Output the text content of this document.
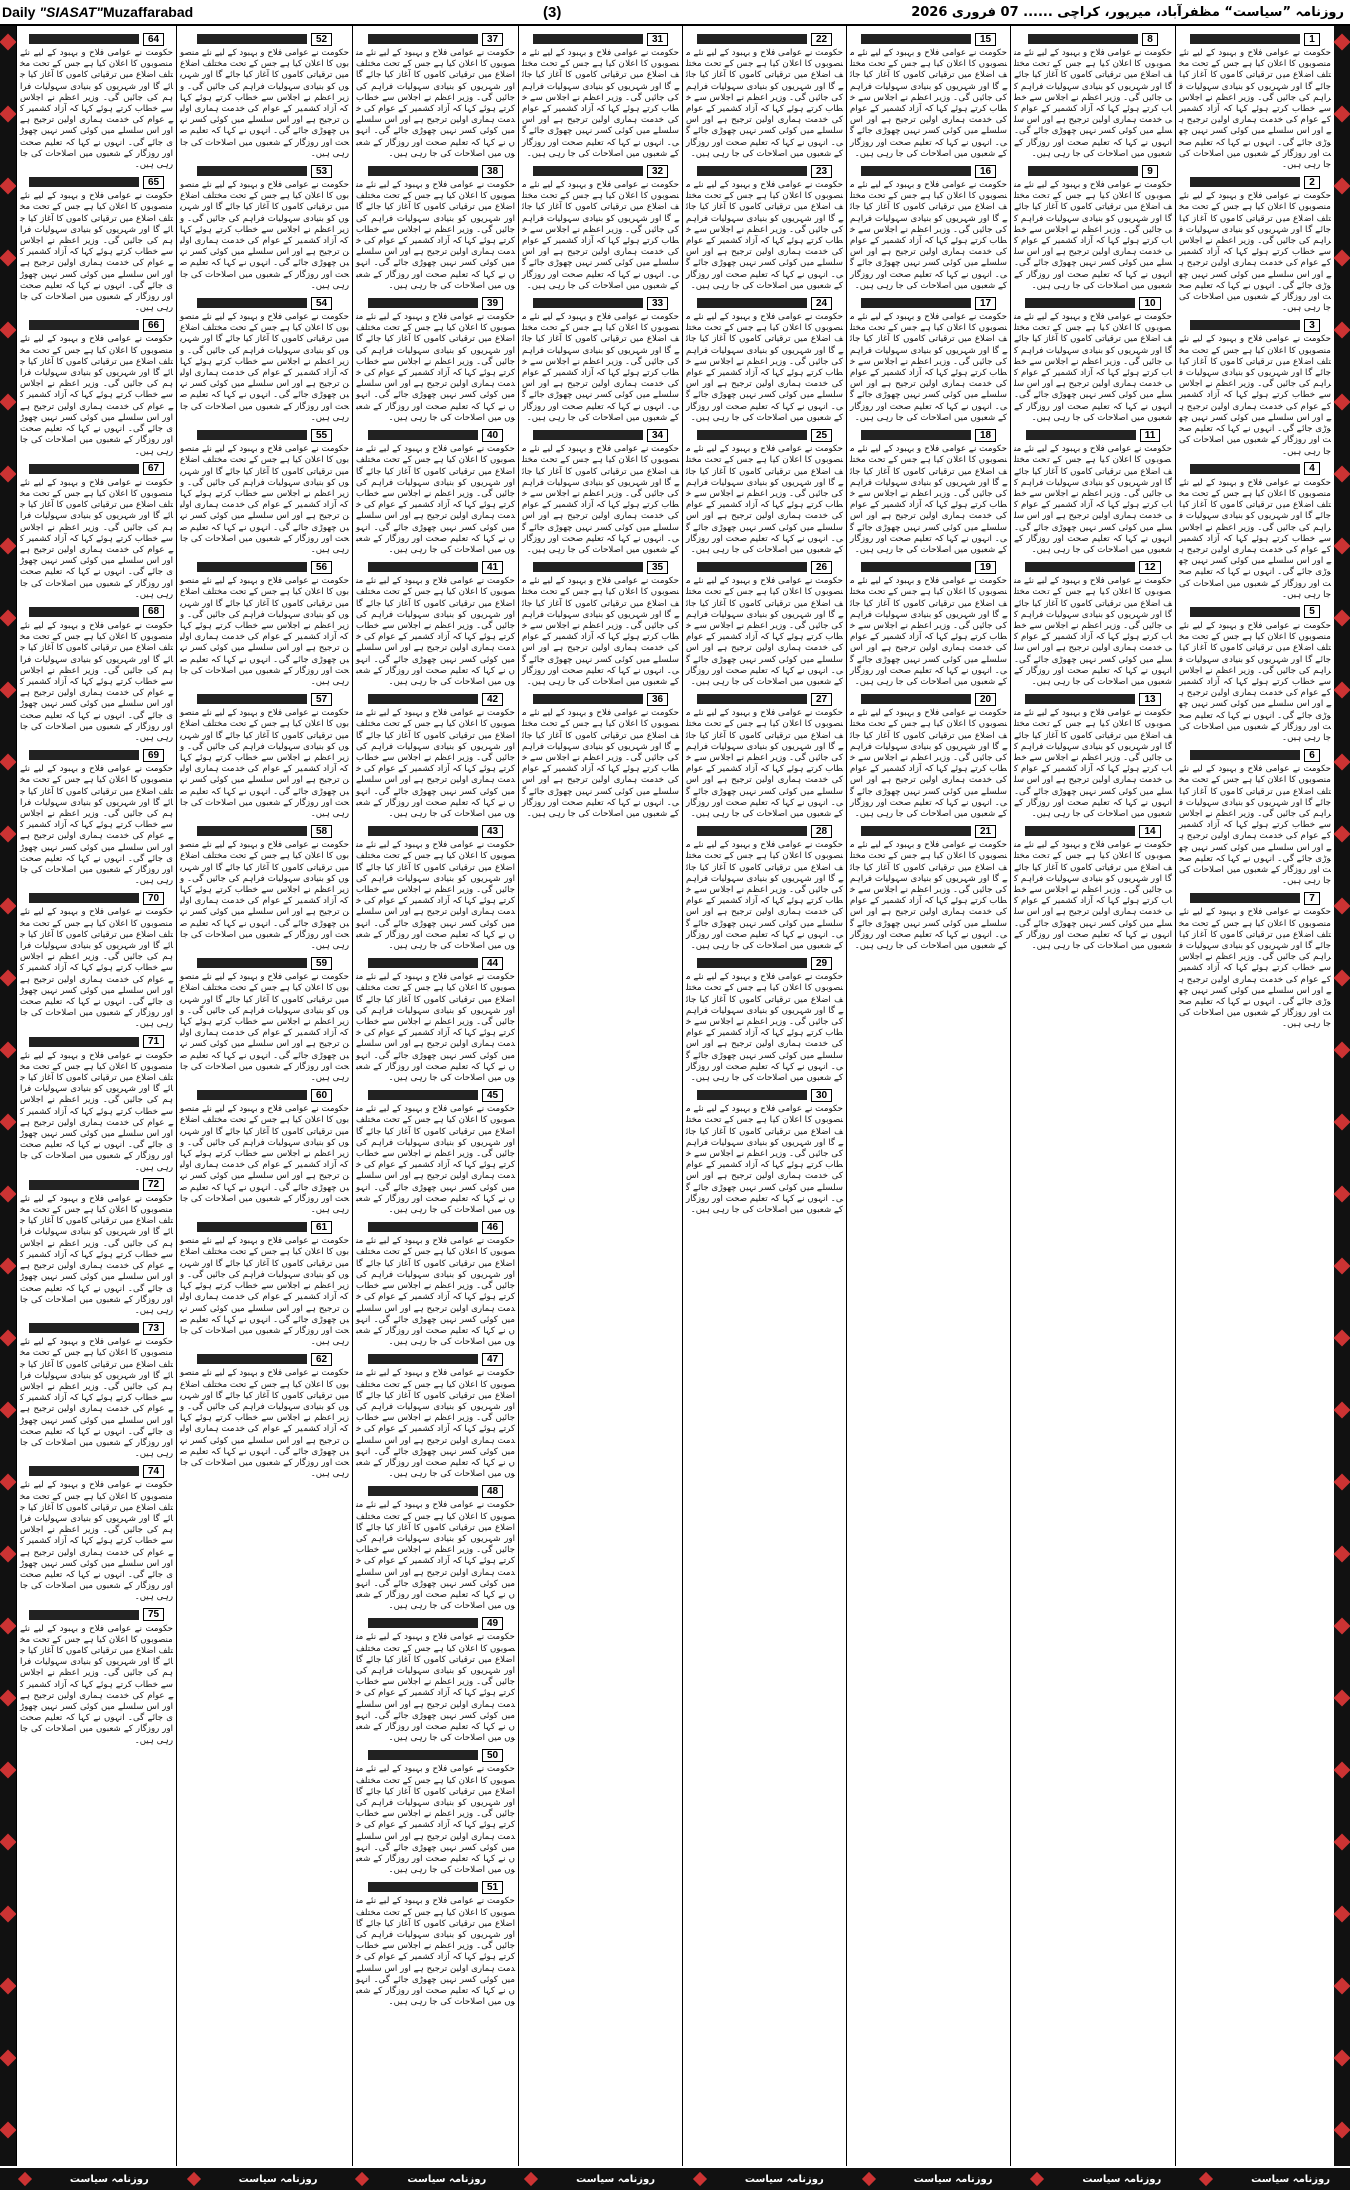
Daily "SIASAT"Muzaffarabad	(3)	روزنامہ ”سیاست“ مظفرآباد، میرپور، کراچی ...... 07 فروری 2026
1
حکومت نے عوامی فلاح و بہبود کے لیے نئے منصوبوں کا اعلان کیا ہے جس کے تحت مختلف اضلاع میں ترقیاتی کاموں کا آغاز کیا جائے گا اور شہریوں کو بنیادی سہولیات فراہم کی جائیں گی۔ وزیر اعظم نے اجلاس سے خطاب کرتے ہوئے کہا کہ آزاد کشمیر کے عوام کی خدمت ہماری اولین ترجیح ہے اور اس سلسلے میں کوئی کسر نہیں چھوڑی جائے گی۔ انہوں نے کہا کہ تعلیم صحت اور روزگار کے شعبوں میں اصلاحات کی جا رہی ہیں۔
2
حکومت نے عوامی فلاح و بہبود کے لیے نئے منصوبوں کا اعلان کیا ہے جس کے تحت مختلف اضلاع میں ترقیاتی کاموں کا آغاز کیا جائے گا اور شہریوں کو بنیادی سہولیات فراہم کی جائیں گی۔ وزیر اعظم نے اجلاس سے خطاب کرتے ہوئے کہا کہ آزاد کشمیر کے عوام کی خدمت ہماری اولین ترجیح ہے اور اس سلسلے میں کوئی کسر نہیں چھوڑی جائے گی۔ انہوں نے کہا کہ تعلیم صحت اور روزگار کے شعبوں میں اصلاحات کی جا رہی ہیں۔
3
حکومت نے عوامی فلاح و بہبود کے لیے نئے منصوبوں کا اعلان کیا ہے جس کے تحت مختلف اضلاع میں ترقیاتی کاموں کا آغاز کیا جائے گا اور شہریوں کو بنیادی سہولیات فراہم کی جائیں گی۔ وزیر اعظم نے اجلاس سے خطاب کرتے ہوئے کہا کہ آزاد کشمیر کے عوام کی خدمت ہماری اولین ترجیح ہے اور اس سلسلے میں کوئی کسر نہیں چھوڑی جائے گی۔ انہوں نے کہا کہ تعلیم صحت اور روزگار کے شعبوں میں اصلاحات کی جا رہی ہیں۔
4
حکومت نے عوامی فلاح و بہبود کے لیے نئے منصوبوں کا اعلان کیا ہے جس کے تحت مختلف اضلاع میں ترقیاتی کاموں کا آغاز کیا جائے گا اور شہریوں کو بنیادی سہولیات فراہم کی جائیں گی۔ وزیر اعظم نے اجلاس سے خطاب کرتے ہوئے کہا کہ آزاد کشمیر کے عوام کی خدمت ہماری اولین ترجیح ہے اور اس سلسلے میں کوئی کسر نہیں چھوڑی جائے گی۔ انہوں نے کہا کہ تعلیم صحت اور روزگار کے شعبوں میں اصلاحات کی جا رہی ہیں۔
5
حکومت نے عوامی فلاح و بہبود کے لیے نئے منصوبوں کا اعلان کیا ہے جس کے تحت مختلف اضلاع میں ترقیاتی کاموں کا آغاز کیا جائے گا اور شہریوں کو بنیادی سہولیات فراہم کی جائیں گی۔ وزیر اعظم نے اجلاس سے خطاب کرتے ہوئے کہا کہ آزاد کشمیر کے عوام کی خدمت ہماری اولین ترجیح ہے اور اس سلسلے میں کوئی کسر نہیں چھوڑی جائے گی۔ انہوں نے کہا کہ تعلیم صحت اور روزگار کے شعبوں میں اصلاحات کی جا رہی ہیں۔
6
حکومت نے عوامی فلاح و بہبود کے لیے نئے منصوبوں کا اعلان کیا ہے جس کے تحت مختلف اضلاع میں ترقیاتی کاموں کا آغاز کیا جائے گا اور شہریوں کو بنیادی سہولیات فراہم کی جائیں گی۔ وزیر اعظم نے اجلاس سے خطاب کرتے ہوئے کہا کہ آزاد کشمیر کے عوام کی خدمت ہماری اولین ترجیح ہے اور اس سلسلے میں کوئی کسر نہیں چھوڑی جائے گی۔ انہوں نے کہا کہ تعلیم صحت اور روزگار کے شعبوں میں اصلاحات کی جا رہی ہیں۔
7
حکومت نے عوامی فلاح و بہبود کے لیے نئے منصوبوں کا اعلان کیا ہے جس کے تحت مختلف اضلاع میں ترقیاتی کاموں کا آغاز کیا جائے گا اور شہریوں کو بنیادی سہولیات فراہم کی جائیں گی۔ وزیر اعظم نے اجلاس سے خطاب کرتے ہوئے کہا کہ آزاد کشمیر کے عوام کی خدمت ہماری اولین ترجیح ہے اور اس سلسلے میں کوئی کسر نہیں چھوڑی جائے گی۔ انہوں نے کہا کہ تعلیم صحت اور روزگار کے شعبوں میں اصلاحات کی جا رہی ہیں۔
8
حکومت نے عوامی فلاح و بہبود کے لیے نئے منصوبوں کا اعلان کیا ہے جس کے تحت مختلف اضلاع میں ترقیاتی کاموں کا آغاز کیا جائے گا اور شہریوں کو بنیادی سہولیات فراہم کی جائیں گی۔ وزیر اعظم نے اجلاس سے خطاب کرتے ہوئے کہا کہ آزاد کشمیر کے عوام کی خدمت ہماری اولین ترجیح ہے اور اس سلسلے میں کوئی کسر نہیں چھوڑی جائے گی۔ انہوں نے کہا کہ تعلیم صحت اور روزگار کے شعبوں میں اصلاحات کی جا رہی ہیں۔
9
حکومت نے عوامی فلاح و بہبود کے لیے نئے منصوبوں کا اعلان کیا ہے جس کے تحت مختلف اضلاع میں ترقیاتی کاموں کا آغاز کیا جائے گا اور شہریوں کو بنیادی سہولیات فراہم کی جائیں گی۔ وزیر اعظم نے اجلاس سے خطاب کرتے ہوئے کہا کہ آزاد کشمیر کے عوام کی خدمت ہماری اولین ترجیح ہے اور اس سلسلے میں کوئی کسر نہیں چھوڑی جائے گی۔ انہوں نے کہا کہ تعلیم صحت اور روزگار کے شعبوں میں اصلاحات کی جا رہی ہیں۔
10
حکومت نے عوامی فلاح و بہبود کے لیے نئے منصوبوں کا اعلان کیا ہے جس کے تحت مختلف اضلاع میں ترقیاتی کاموں کا آغاز کیا جائے گا اور شہریوں کو بنیادی سہولیات فراہم کی جائیں گی۔ وزیر اعظم نے اجلاس سے خطاب کرتے ہوئے کہا کہ آزاد کشمیر کے عوام کی خدمت ہماری اولین ترجیح ہے اور اس سلسلے میں کوئی کسر نہیں چھوڑی جائے گی۔ انہوں نے کہا کہ تعلیم صحت اور روزگار کے شعبوں میں اصلاحات کی جا رہی ہیں۔
11
حکومت نے عوامی فلاح و بہبود کے لیے نئے منصوبوں کا اعلان کیا ہے جس کے تحت مختلف اضلاع میں ترقیاتی کاموں کا آغاز کیا جائے گا اور شہریوں کو بنیادی سہولیات فراہم کی جائیں گی۔ وزیر اعظم نے اجلاس سے خطاب کرتے ہوئے کہا کہ آزاد کشمیر کے عوام کی خدمت ہماری اولین ترجیح ہے اور اس سلسلے میں کوئی کسر نہیں چھوڑی جائے گی۔ انہوں نے کہا کہ تعلیم صحت اور روزگار کے شعبوں میں اصلاحات کی جا رہی ہیں۔
12
حکومت نے عوامی فلاح و بہبود کے لیے نئے منصوبوں کا اعلان کیا ہے جس کے تحت مختلف اضلاع میں ترقیاتی کاموں کا آغاز کیا جائے گا اور شہریوں کو بنیادی سہولیات فراہم کی جائیں گی۔ وزیر اعظم نے اجلاس سے خطاب کرتے ہوئے کہا کہ آزاد کشمیر کے عوام کی خدمت ہماری اولین ترجیح ہے اور اس سلسلے میں کوئی کسر نہیں چھوڑی جائے گی۔ انہوں نے کہا کہ تعلیم صحت اور روزگار کے شعبوں میں اصلاحات کی جا رہی ہیں۔
13
حکومت نے عوامی فلاح و بہبود کے لیے نئے منصوبوں کا اعلان کیا ہے جس کے تحت مختلف اضلاع میں ترقیاتی کاموں کا آغاز کیا جائے گا اور شہریوں کو بنیادی سہولیات فراہم کی جائیں گی۔ وزیر اعظم نے اجلاس سے خطاب کرتے ہوئے کہا کہ آزاد کشمیر کے عوام کی خدمت ہماری اولین ترجیح ہے اور اس سلسلے میں کوئی کسر نہیں چھوڑی جائے گی۔ انہوں نے کہا کہ تعلیم صحت اور روزگار کے شعبوں میں اصلاحات کی جا رہی ہیں۔
14
حکومت نے عوامی فلاح و بہبود کے لیے نئے منصوبوں کا اعلان کیا ہے جس کے تحت مختلف اضلاع میں ترقیاتی کاموں کا آغاز کیا جائے گا اور شہریوں کو بنیادی سہولیات فراہم کی جائیں گی۔ وزیر اعظم نے اجلاس سے خطاب کرتے ہوئے کہا کہ آزاد کشمیر کے عوام کی خدمت ہماری اولین ترجیح ہے اور اس سلسلے میں کوئی کسر نہیں چھوڑی جائے گی۔ انہوں نے کہا کہ تعلیم صحت اور روزگار کے شعبوں میں اصلاحات کی جا رہی ہیں۔
15
حکومت نے عوامی فلاح و بہبود کے لیے نئے منصوبوں کا اعلان کیا ہے جس کے تحت مختلف اضلاع میں ترقیاتی کاموں کا آغاز کیا جائے گا اور شہریوں کو بنیادی سہولیات فراہم کی جائیں گی۔ وزیر اعظم نے اجلاس سے خطاب کرتے ہوئے کہا کہ آزاد کشمیر کے عوام کی خدمت ہماری اولین ترجیح ہے اور اس سلسلے میں کوئی کسر نہیں چھوڑی جائے گی۔ انہوں نے کہا کہ تعلیم صحت اور روزگار کے شعبوں میں اصلاحات کی جا رہی ہیں۔
16
حکومت نے عوامی فلاح و بہبود کے لیے نئے منصوبوں کا اعلان کیا ہے جس کے تحت مختلف اضلاع میں ترقیاتی کاموں کا آغاز کیا جائے گا اور شہریوں کو بنیادی سہولیات فراہم کی جائیں گی۔ وزیر اعظم نے اجلاس سے خطاب کرتے ہوئے کہا کہ آزاد کشمیر کے عوام کی خدمت ہماری اولین ترجیح ہے اور اس سلسلے میں کوئی کسر نہیں چھوڑی جائے گی۔ انہوں نے کہا کہ تعلیم صحت اور روزگار کے شعبوں میں اصلاحات کی جا رہی ہیں۔
17
حکومت نے عوامی فلاح و بہبود کے لیے نئے منصوبوں کا اعلان کیا ہے جس کے تحت مختلف اضلاع میں ترقیاتی کاموں کا آغاز کیا جائے گا اور شہریوں کو بنیادی سہولیات فراہم کی جائیں گی۔ وزیر اعظم نے اجلاس سے خطاب کرتے ہوئے کہا کہ آزاد کشمیر کے عوام کی خدمت ہماری اولین ترجیح ہے اور اس سلسلے میں کوئی کسر نہیں چھوڑی جائے گی۔ انہوں نے کہا کہ تعلیم صحت اور روزگار کے شعبوں میں اصلاحات کی جا رہی ہیں۔
18
حکومت نے عوامی فلاح و بہبود کے لیے نئے منصوبوں کا اعلان کیا ہے جس کے تحت مختلف اضلاع میں ترقیاتی کاموں کا آغاز کیا جائے گا اور شہریوں کو بنیادی سہولیات فراہم کی جائیں گی۔ وزیر اعظم نے اجلاس سے خطاب کرتے ہوئے کہا کہ آزاد کشمیر کے عوام کی خدمت ہماری اولین ترجیح ہے اور اس سلسلے میں کوئی کسر نہیں چھوڑی جائے گی۔ انہوں نے کہا کہ تعلیم صحت اور روزگار کے شعبوں میں اصلاحات کی جا رہی ہیں۔
19
حکومت نے عوامی فلاح و بہبود کے لیے نئے منصوبوں کا اعلان کیا ہے جس کے تحت مختلف اضلاع میں ترقیاتی کاموں کا آغاز کیا جائے گا اور شہریوں کو بنیادی سہولیات فراہم کی جائیں گی۔ وزیر اعظم نے اجلاس سے خطاب کرتے ہوئے کہا کہ آزاد کشمیر کے عوام کی خدمت ہماری اولین ترجیح ہے اور اس سلسلے میں کوئی کسر نہیں چھوڑی جائے گی۔ انہوں نے کہا کہ تعلیم صحت اور روزگار کے شعبوں میں اصلاحات کی جا رہی ہیں۔
20
حکومت نے عوامی فلاح و بہبود کے لیے نئے منصوبوں کا اعلان کیا ہے جس کے تحت مختلف اضلاع میں ترقیاتی کاموں کا آغاز کیا جائے گا اور شہریوں کو بنیادی سہولیات فراہم کی جائیں گی۔ وزیر اعظم نے اجلاس سے خطاب کرتے ہوئے کہا کہ آزاد کشمیر کے عوام کی خدمت ہماری اولین ترجیح ہے اور اس سلسلے میں کوئی کسر نہیں چھوڑی جائے گی۔ انہوں نے کہا کہ تعلیم صحت اور روزگار کے شعبوں میں اصلاحات کی جا رہی ہیں۔
21
حکومت نے عوامی فلاح و بہبود کے لیے نئے منصوبوں کا اعلان کیا ہے جس کے تحت مختلف اضلاع میں ترقیاتی کاموں کا آغاز کیا جائے گا اور شہریوں کو بنیادی سہولیات فراہم کی جائیں گی۔ وزیر اعظم نے اجلاس سے خطاب کرتے ہوئے کہا کہ آزاد کشمیر کے عوام کی خدمت ہماری اولین ترجیح ہے اور اس سلسلے میں کوئی کسر نہیں چھوڑی جائے گی۔ انہوں نے کہا کہ تعلیم صحت اور روزگار کے شعبوں میں اصلاحات کی جا رہی ہیں۔
22
حکومت نے عوامی فلاح و بہبود کے لیے نئے منصوبوں کا اعلان کیا ہے جس کے تحت مختلف اضلاع میں ترقیاتی کاموں کا آغاز کیا جائے گا اور شہریوں کو بنیادی سہولیات فراہم کی جائیں گی۔ وزیر اعظم نے اجلاس سے خطاب کرتے ہوئے کہا کہ آزاد کشمیر کے عوام کی خدمت ہماری اولین ترجیح ہے اور اس سلسلے میں کوئی کسر نہیں چھوڑی جائے گی۔ انہوں نے کہا کہ تعلیم صحت اور روزگار کے شعبوں میں اصلاحات کی جا رہی ہیں۔
23
حکومت نے عوامی فلاح و بہبود کے لیے نئے منصوبوں کا اعلان کیا ہے جس کے تحت مختلف اضلاع میں ترقیاتی کاموں کا آغاز کیا جائے گا اور شہریوں کو بنیادی سہولیات فراہم کی جائیں گی۔ وزیر اعظم نے اجلاس سے خطاب کرتے ہوئے کہا کہ آزاد کشمیر کے عوام کی خدمت ہماری اولین ترجیح ہے اور اس سلسلے میں کوئی کسر نہیں چھوڑی جائے گی۔ انہوں نے کہا کہ تعلیم صحت اور روزگار کے شعبوں میں اصلاحات کی جا رہی ہیں۔
24
حکومت نے عوامی فلاح و بہبود کے لیے نئے منصوبوں کا اعلان کیا ہے جس کے تحت مختلف اضلاع میں ترقیاتی کاموں کا آغاز کیا جائے گا اور شہریوں کو بنیادی سہولیات فراہم کی جائیں گی۔ وزیر اعظم نے اجلاس سے خطاب کرتے ہوئے کہا کہ آزاد کشمیر کے عوام کی خدمت ہماری اولین ترجیح ہے اور اس سلسلے میں کوئی کسر نہیں چھوڑی جائے گی۔ انہوں نے کہا کہ تعلیم صحت اور روزگار کے شعبوں میں اصلاحات کی جا رہی ہیں۔
25
حکومت نے عوامی فلاح و بہبود کے لیے نئے منصوبوں کا اعلان کیا ہے جس کے تحت مختلف اضلاع میں ترقیاتی کاموں کا آغاز کیا جائے گا اور شہریوں کو بنیادی سہولیات فراہم کی جائیں گی۔ وزیر اعظم نے اجلاس سے خطاب کرتے ہوئے کہا کہ آزاد کشمیر کے عوام کی خدمت ہماری اولین ترجیح ہے اور اس سلسلے میں کوئی کسر نہیں چھوڑی جائے گی۔ انہوں نے کہا کہ تعلیم صحت اور روزگار کے شعبوں میں اصلاحات کی جا رہی ہیں۔
26
حکومت نے عوامی فلاح و بہبود کے لیے نئے منصوبوں کا اعلان کیا ہے جس کے تحت مختلف اضلاع میں ترقیاتی کاموں کا آغاز کیا جائے گا اور شہریوں کو بنیادی سہولیات فراہم کی جائیں گی۔ وزیر اعظم نے اجلاس سے خطاب کرتے ہوئے کہا کہ آزاد کشمیر کے عوام کی خدمت ہماری اولین ترجیح ہے اور اس سلسلے میں کوئی کسر نہیں چھوڑی جائے گی۔ انہوں نے کہا کہ تعلیم صحت اور روزگار کے شعبوں میں اصلاحات کی جا رہی ہیں۔
27
حکومت نے عوامی فلاح و بہبود کے لیے نئے منصوبوں کا اعلان کیا ہے جس کے تحت مختلف اضلاع میں ترقیاتی کاموں کا آغاز کیا جائے گا اور شہریوں کو بنیادی سہولیات فراہم کی جائیں گی۔ وزیر اعظم نے اجلاس سے خطاب کرتے ہوئے کہا کہ آزاد کشمیر کے عوام کی خدمت ہماری اولین ترجیح ہے اور اس سلسلے میں کوئی کسر نہیں چھوڑی جائے گی۔ انہوں نے کہا کہ تعلیم صحت اور روزگار کے شعبوں میں اصلاحات کی جا رہی ہیں۔
28
حکومت نے عوامی فلاح و بہبود کے لیے نئے منصوبوں کا اعلان کیا ہے جس کے تحت مختلف اضلاع میں ترقیاتی کاموں کا آغاز کیا جائے گا اور شہریوں کو بنیادی سہولیات فراہم کی جائیں گی۔ وزیر اعظم نے اجلاس سے خطاب کرتے ہوئے کہا کہ آزاد کشمیر کے عوام کی خدمت ہماری اولین ترجیح ہے اور اس سلسلے میں کوئی کسر نہیں چھوڑی جائے گی۔ انہوں نے کہا کہ تعلیم صحت اور روزگار کے شعبوں میں اصلاحات کی جا رہی ہیں۔
29
حکومت نے عوامی فلاح و بہبود کے لیے نئے منصوبوں کا اعلان کیا ہے جس کے تحت مختلف اضلاع میں ترقیاتی کاموں کا آغاز کیا جائے گا اور شہریوں کو بنیادی سہولیات فراہم کی جائیں گی۔ وزیر اعظم نے اجلاس سے خطاب کرتے ہوئے کہا کہ آزاد کشمیر کے عوام کی خدمت ہماری اولین ترجیح ہے اور اس سلسلے میں کوئی کسر نہیں چھوڑی جائے گی۔ انہوں نے کہا کہ تعلیم صحت اور روزگار کے شعبوں میں اصلاحات کی جا رہی ہیں۔
30
حکومت نے عوامی فلاح و بہبود کے لیے نئے منصوبوں کا اعلان کیا ہے جس کے تحت مختلف اضلاع میں ترقیاتی کاموں کا آغاز کیا جائے گا اور شہریوں کو بنیادی سہولیات فراہم کی جائیں گی۔ وزیر اعظم نے اجلاس سے خطاب کرتے ہوئے کہا کہ آزاد کشمیر کے عوام کی خدمت ہماری اولین ترجیح ہے اور اس سلسلے میں کوئی کسر نہیں چھوڑی جائے گی۔ انہوں نے کہا کہ تعلیم صحت اور روزگار کے شعبوں میں اصلاحات کی جا رہی ہیں۔
31
حکومت نے عوامی فلاح و بہبود کے لیے نئے منصوبوں کا اعلان کیا ہے جس کے تحت مختلف اضلاع میں ترقیاتی کاموں کا آغاز کیا جائے گا اور شہریوں کو بنیادی سہولیات فراہم کی جائیں گی۔ وزیر اعظم نے اجلاس سے خطاب کرتے ہوئے کہا کہ آزاد کشمیر کے عوام کی خدمت ہماری اولین ترجیح ہے اور اس سلسلے میں کوئی کسر نہیں چھوڑی جائے گی۔ انہوں نے کہا کہ تعلیم صحت اور روزگار کے شعبوں میں اصلاحات کی جا رہی ہیں۔
32
حکومت نے عوامی فلاح و بہبود کے لیے نئے منصوبوں کا اعلان کیا ہے جس کے تحت مختلف اضلاع میں ترقیاتی کاموں کا آغاز کیا جائے گا اور شہریوں کو بنیادی سہولیات فراہم کی جائیں گی۔ وزیر اعظم نے اجلاس سے خطاب کرتے ہوئے کہا کہ آزاد کشمیر کے عوام کی خدمت ہماری اولین ترجیح ہے اور اس سلسلے میں کوئی کسر نہیں چھوڑی جائے گی۔ انہوں نے کہا کہ تعلیم صحت اور روزگار کے شعبوں میں اصلاحات کی جا رہی ہیں۔
33
حکومت نے عوامی فلاح و بہبود کے لیے نئے منصوبوں کا اعلان کیا ہے جس کے تحت مختلف اضلاع میں ترقیاتی کاموں کا آغاز کیا جائے گا اور شہریوں کو بنیادی سہولیات فراہم کی جائیں گی۔ وزیر اعظم نے اجلاس سے خطاب کرتے ہوئے کہا کہ آزاد کشمیر کے عوام کی خدمت ہماری اولین ترجیح ہے اور اس سلسلے میں کوئی کسر نہیں چھوڑی جائے گی۔ انہوں نے کہا کہ تعلیم صحت اور روزگار کے شعبوں میں اصلاحات کی جا رہی ہیں۔
34
حکومت نے عوامی فلاح و بہبود کے لیے نئے منصوبوں کا اعلان کیا ہے جس کے تحت مختلف اضلاع میں ترقیاتی کاموں کا آغاز کیا جائے گا اور شہریوں کو بنیادی سہولیات فراہم کی جائیں گی۔ وزیر اعظم نے اجلاس سے خطاب کرتے ہوئے کہا کہ آزاد کشمیر کے عوام کی خدمت ہماری اولین ترجیح ہے اور اس سلسلے میں کوئی کسر نہیں چھوڑی جائے گی۔ انہوں نے کہا کہ تعلیم صحت اور روزگار کے شعبوں میں اصلاحات کی جا رہی ہیں۔
35
حکومت نے عوامی فلاح و بہبود کے لیے نئے منصوبوں کا اعلان کیا ہے جس کے تحت مختلف اضلاع میں ترقیاتی کاموں کا آغاز کیا جائے گا اور شہریوں کو بنیادی سہولیات فراہم کی جائیں گی۔ وزیر اعظم نے اجلاس سے خطاب کرتے ہوئے کہا کہ آزاد کشمیر کے عوام کی خدمت ہماری اولین ترجیح ہے اور اس سلسلے میں کوئی کسر نہیں چھوڑی جائے گی۔ انہوں نے کہا کہ تعلیم صحت اور روزگار کے شعبوں میں اصلاحات کی جا رہی ہیں۔
36
حکومت نے عوامی فلاح و بہبود کے لیے نئے منصوبوں کا اعلان کیا ہے جس کے تحت مختلف اضلاع میں ترقیاتی کاموں کا آغاز کیا جائے گا اور شہریوں کو بنیادی سہولیات فراہم کی جائیں گی۔ وزیر اعظم نے اجلاس سے خطاب کرتے ہوئے کہا کہ آزاد کشمیر کے عوام کی خدمت ہماری اولین ترجیح ہے اور اس سلسلے میں کوئی کسر نہیں چھوڑی جائے گی۔ انہوں نے کہا کہ تعلیم صحت اور روزگار کے شعبوں میں اصلاحات کی جا رہی ہیں۔
37
حکومت نے عوامی فلاح و بہبود کے لیے نئے منصوبوں کا اعلان کیا ہے جس کے تحت مختلف اضلاع میں ترقیاتی کاموں کا آغاز کیا جائے گا اور شہریوں کو بنیادی سہولیات فراہم کی جائیں گی۔ وزیر اعظم نے اجلاس سے خطاب کرتے ہوئے کہا کہ آزاد کشمیر کے عوام کی خدمت ہماری اولین ترجیح ہے اور اس سلسلے میں کوئی کسر نہیں چھوڑی جائے گی۔ انہوں نے کہا کہ تعلیم صحت اور روزگار کے شعبوں میں اصلاحات کی جا رہی ہیں۔
38
حکومت نے عوامی فلاح و بہبود کے لیے نئے منصوبوں کا اعلان کیا ہے جس کے تحت مختلف اضلاع میں ترقیاتی کاموں کا آغاز کیا جائے گا اور شہریوں کو بنیادی سہولیات فراہم کی جائیں گی۔ وزیر اعظم نے اجلاس سے خطاب کرتے ہوئے کہا کہ آزاد کشمیر کے عوام کی خدمت ہماری اولین ترجیح ہے اور اس سلسلے میں کوئی کسر نہیں چھوڑی جائے گی۔ انہوں نے کہا کہ تعلیم صحت اور روزگار کے شعبوں میں اصلاحات کی جا رہی ہیں۔
39
حکومت نے عوامی فلاح و بہبود کے لیے نئے منصوبوں کا اعلان کیا ہے جس کے تحت مختلف اضلاع میں ترقیاتی کاموں کا آغاز کیا جائے گا اور شہریوں کو بنیادی سہولیات فراہم کی جائیں گی۔ وزیر اعظم نے اجلاس سے خطاب کرتے ہوئے کہا کہ آزاد کشمیر کے عوام کی خدمت ہماری اولین ترجیح ہے اور اس سلسلے میں کوئی کسر نہیں چھوڑی جائے گی۔ انہوں نے کہا کہ تعلیم صحت اور روزگار کے شعبوں میں اصلاحات کی جا رہی ہیں۔
40
حکومت نے عوامی فلاح و بہبود کے لیے نئے منصوبوں کا اعلان کیا ہے جس کے تحت مختلف اضلاع میں ترقیاتی کاموں کا آغاز کیا جائے گا اور شہریوں کو بنیادی سہولیات فراہم کی جائیں گی۔ وزیر اعظم نے اجلاس سے خطاب کرتے ہوئے کہا کہ آزاد کشمیر کے عوام کی خدمت ہماری اولین ترجیح ہے اور اس سلسلے میں کوئی کسر نہیں چھوڑی جائے گی۔ انہوں نے کہا کہ تعلیم صحت اور روزگار کے شعبوں میں اصلاحات کی جا رہی ہیں۔
41
حکومت نے عوامی فلاح و بہبود کے لیے نئے منصوبوں کا اعلان کیا ہے جس کے تحت مختلف اضلاع میں ترقیاتی کاموں کا آغاز کیا جائے گا اور شہریوں کو بنیادی سہولیات فراہم کی جائیں گی۔ وزیر اعظم نے اجلاس سے خطاب کرتے ہوئے کہا کہ آزاد کشمیر کے عوام کی خدمت ہماری اولین ترجیح ہے اور اس سلسلے میں کوئی کسر نہیں چھوڑی جائے گی۔ انہوں نے کہا کہ تعلیم صحت اور روزگار کے شعبوں میں اصلاحات کی جا رہی ہیں۔
42
حکومت نے عوامی فلاح و بہبود کے لیے نئے منصوبوں کا اعلان کیا ہے جس کے تحت مختلف اضلاع میں ترقیاتی کاموں کا آغاز کیا جائے گا اور شہریوں کو بنیادی سہولیات فراہم کی جائیں گی۔ وزیر اعظم نے اجلاس سے خطاب کرتے ہوئے کہا کہ آزاد کشمیر کے عوام کی خدمت ہماری اولین ترجیح ہے اور اس سلسلے میں کوئی کسر نہیں چھوڑی جائے گی۔ انہوں نے کہا کہ تعلیم صحت اور روزگار کے شعبوں میں اصلاحات کی جا رہی ہیں۔
43
حکومت نے عوامی فلاح و بہبود کے لیے نئے منصوبوں کا اعلان کیا ہے جس کے تحت مختلف اضلاع میں ترقیاتی کاموں کا آغاز کیا جائے گا اور شہریوں کو بنیادی سہولیات فراہم کی جائیں گی۔ وزیر اعظم نے اجلاس سے خطاب کرتے ہوئے کہا کہ آزاد کشمیر کے عوام کی خدمت ہماری اولین ترجیح ہے اور اس سلسلے میں کوئی کسر نہیں چھوڑی جائے گی۔ انہوں نے کہا کہ تعلیم صحت اور روزگار کے شعبوں میں اصلاحات کی جا رہی ہیں۔
44
حکومت نے عوامی فلاح و بہبود کے لیے نئے منصوبوں کا اعلان کیا ہے جس کے تحت مختلف اضلاع میں ترقیاتی کاموں کا آغاز کیا جائے گا اور شہریوں کو بنیادی سہولیات فراہم کی جائیں گی۔ وزیر اعظم نے اجلاس سے خطاب کرتے ہوئے کہا کہ آزاد کشمیر کے عوام کی خدمت ہماری اولین ترجیح ہے اور اس سلسلے میں کوئی کسر نہیں چھوڑی جائے گی۔ انہوں نے کہا کہ تعلیم صحت اور روزگار کے شعبوں میں اصلاحات کی جا رہی ہیں۔
45
حکومت نے عوامی فلاح و بہبود کے لیے نئے منصوبوں کا اعلان کیا ہے جس کے تحت مختلف اضلاع میں ترقیاتی کاموں کا آغاز کیا جائے گا اور شہریوں کو بنیادی سہولیات فراہم کی جائیں گی۔ وزیر اعظم نے اجلاس سے خطاب کرتے ہوئے کہا کہ آزاد کشمیر کے عوام کی خدمت ہماری اولین ترجیح ہے اور اس سلسلے میں کوئی کسر نہیں چھوڑی جائے گی۔ انہوں نے کہا کہ تعلیم صحت اور روزگار کے شعبوں میں اصلاحات کی جا رہی ہیں۔
46
حکومت نے عوامی فلاح و بہبود کے لیے نئے منصوبوں کا اعلان کیا ہے جس کے تحت مختلف اضلاع میں ترقیاتی کاموں کا آغاز کیا جائے گا اور شہریوں کو بنیادی سہولیات فراہم کی جائیں گی۔ وزیر اعظم نے اجلاس سے خطاب کرتے ہوئے کہا کہ آزاد کشمیر کے عوام کی خدمت ہماری اولین ترجیح ہے اور اس سلسلے میں کوئی کسر نہیں چھوڑی جائے گی۔ انہوں نے کہا کہ تعلیم صحت اور روزگار کے شعبوں میں اصلاحات کی جا رہی ہیں۔
47
حکومت نے عوامی فلاح و بہبود کے لیے نئے منصوبوں کا اعلان کیا ہے جس کے تحت مختلف اضلاع میں ترقیاتی کاموں کا آغاز کیا جائے گا اور شہریوں کو بنیادی سہولیات فراہم کی جائیں گی۔ وزیر اعظم نے اجلاس سے خطاب کرتے ہوئے کہا کہ آزاد کشمیر کے عوام کی خدمت ہماری اولین ترجیح ہے اور اس سلسلے میں کوئی کسر نہیں چھوڑی جائے گی۔ انہوں نے کہا کہ تعلیم صحت اور روزگار کے شعبوں میں اصلاحات کی جا رہی ہیں۔
48
حکومت نے عوامی فلاح و بہبود کے لیے نئے منصوبوں کا اعلان کیا ہے جس کے تحت مختلف اضلاع میں ترقیاتی کاموں کا آغاز کیا جائے گا اور شہریوں کو بنیادی سہولیات فراہم کی جائیں گی۔ وزیر اعظم نے اجلاس سے خطاب کرتے ہوئے کہا کہ آزاد کشمیر کے عوام کی خدمت ہماری اولین ترجیح ہے اور اس سلسلے میں کوئی کسر نہیں چھوڑی جائے گی۔ انہوں نے کہا کہ تعلیم صحت اور روزگار کے شعبوں میں اصلاحات کی جا رہی ہیں۔
49
حکومت نے عوامی فلاح و بہبود کے لیے نئے منصوبوں کا اعلان کیا ہے جس کے تحت مختلف اضلاع میں ترقیاتی کاموں کا آغاز کیا جائے گا اور شہریوں کو بنیادی سہولیات فراہم کی جائیں گی۔ وزیر اعظم نے اجلاس سے خطاب کرتے ہوئے کہا کہ آزاد کشمیر کے عوام کی خدمت ہماری اولین ترجیح ہے اور اس سلسلے میں کوئی کسر نہیں چھوڑی جائے گی۔ انہوں نے کہا کہ تعلیم صحت اور روزگار کے شعبوں میں اصلاحات کی جا رہی ہیں۔
50
حکومت نے عوامی فلاح و بہبود کے لیے نئے منصوبوں کا اعلان کیا ہے جس کے تحت مختلف اضلاع میں ترقیاتی کاموں کا آغاز کیا جائے گا اور شہریوں کو بنیادی سہولیات فراہم کی جائیں گی۔ وزیر اعظم نے اجلاس سے خطاب کرتے ہوئے کہا کہ آزاد کشمیر کے عوام کی خدمت ہماری اولین ترجیح ہے اور اس سلسلے میں کوئی کسر نہیں چھوڑی جائے گی۔ انہوں نے کہا کہ تعلیم صحت اور روزگار کے شعبوں میں اصلاحات کی جا رہی ہیں۔
51
حکومت نے عوامی فلاح و بہبود کے لیے نئے منصوبوں کا اعلان کیا ہے جس کے تحت مختلف اضلاع میں ترقیاتی کاموں کا آغاز کیا جائے گا اور شہریوں کو بنیادی سہولیات فراہم کی جائیں گی۔ وزیر اعظم نے اجلاس سے خطاب کرتے ہوئے کہا کہ آزاد کشمیر کے عوام کی خدمت ہماری اولین ترجیح ہے اور اس سلسلے میں کوئی کسر نہیں چھوڑی جائے گی۔ انہوں نے کہا کہ تعلیم صحت اور روزگار کے شعبوں میں اصلاحات کی جا رہی ہیں۔
52
حکومت نے عوامی فلاح و بہبود کے لیے نئے منصوبوں کا اعلان کیا ہے جس کے تحت مختلف اضلاع میں ترقیاتی کاموں کا آغاز کیا جائے گا اور شہریوں کو بنیادی سہولیات فراہم کی جائیں گی۔ وزیر اعظم نے اجلاس سے خطاب کرتے ہوئے کہا کہ آزاد کشمیر کے عوام کی خدمت ہماری اولین ترجیح ہے اور اس سلسلے میں کوئی کسر نہیں چھوڑی جائے گی۔ انہوں نے کہا کہ تعلیم صحت اور روزگار کے شعبوں میں اصلاحات کی جا رہی ہیں۔
53
حکومت نے عوامی فلاح و بہبود کے لیے نئے منصوبوں کا اعلان کیا ہے جس کے تحت مختلف اضلاع میں ترقیاتی کاموں کا آغاز کیا جائے گا اور شہریوں کو بنیادی سہولیات فراہم کی جائیں گی۔ وزیر اعظم نے اجلاس سے خطاب کرتے ہوئے کہا کہ آزاد کشمیر کے عوام کی خدمت ہماری اولین ترجیح ہے اور اس سلسلے میں کوئی کسر نہیں چھوڑی جائے گی۔ انہوں نے کہا کہ تعلیم صحت اور روزگار کے شعبوں میں اصلاحات کی جا رہی ہیں۔
54
حکومت نے عوامی فلاح و بہبود کے لیے نئے منصوبوں کا اعلان کیا ہے جس کے تحت مختلف اضلاع میں ترقیاتی کاموں کا آغاز کیا جائے گا اور شہریوں کو بنیادی سہولیات فراہم کی جائیں گی۔ وزیر اعظم نے اجلاس سے خطاب کرتے ہوئے کہا کہ آزاد کشمیر کے عوام کی خدمت ہماری اولین ترجیح ہے اور اس سلسلے میں کوئی کسر نہیں چھوڑی جائے گی۔ انہوں نے کہا کہ تعلیم صحت اور روزگار کے شعبوں میں اصلاحات کی جا رہی ہیں۔
55
حکومت نے عوامی فلاح و بہبود کے لیے نئے منصوبوں کا اعلان کیا ہے جس کے تحت مختلف اضلاع میں ترقیاتی کاموں کا آغاز کیا جائے گا اور شہریوں کو بنیادی سہولیات فراہم کی جائیں گی۔ وزیر اعظم نے اجلاس سے خطاب کرتے ہوئے کہا کہ آزاد کشمیر کے عوام کی خدمت ہماری اولین ترجیح ہے اور اس سلسلے میں کوئی کسر نہیں چھوڑی جائے گی۔ انہوں نے کہا کہ تعلیم صحت اور روزگار کے شعبوں میں اصلاحات کی جا رہی ہیں۔
56
حکومت نے عوامی فلاح و بہبود کے لیے نئے منصوبوں کا اعلان کیا ہے جس کے تحت مختلف اضلاع میں ترقیاتی کاموں کا آغاز کیا جائے گا اور شہریوں کو بنیادی سہولیات فراہم کی جائیں گی۔ وزیر اعظم نے اجلاس سے خطاب کرتے ہوئے کہا کہ آزاد کشمیر کے عوام کی خدمت ہماری اولین ترجیح ہے اور اس سلسلے میں کوئی کسر نہیں چھوڑی جائے گی۔ انہوں نے کہا کہ تعلیم صحت اور روزگار کے شعبوں میں اصلاحات کی جا رہی ہیں۔
57
حکومت نے عوامی فلاح و بہبود کے لیے نئے منصوبوں کا اعلان کیا ہے جس کے تحت مختلف اضلاع میں ترقیاتی کاموں کا آغاز کیا جائے گا اور شہریوں کو بنیادی سہولیات فراہم کی جائیں گی۔ وزیر اعظم نے اجلاس سے خطاب کرتے ہوئے کہا کہ آزاد کشمیر کے عوام کی خدمت ہماری اولین ترجیح ہے اور اس سلسلے میں کوئی کسر نہیں چھوڑی جائے گی۔ انہوں نے کہا کہ تعلیم صحت اور روزگار کے شعبوں میں اصلاحات کی جا رہی ہیں۔
58
حکومت نے عوامی فلاح و بہبود کے لیے نئے منصوبوں کا اعلان کیا ہے جس کے تحت مختلف اضلاع میں ترقیاتی کاموں کا آغاز کیا جائے گا اور شہریوں کو بنیادی سہولیات فراہم کی جائیں گی۔ وزیر اعظم نے اجلاس سے خطاب کرتے ہوئے کہا کہ آزاد کشمیر کے عوام کی خدمت ہماری اولین ترجیح ہے اور اس سلسلے میں کوئی کسر نہیں چھوڑی جائے گی۔ انہوں نے کہا کہ تعلیم صحت اور روزگار کے شعبوں میں اصلاحات کی جا رہی ہیں۔
59
حکومت نے عوامی فلاح و بہبود کے لیے نئے منصوبوں کا اعلان کیا ہے جس کے تحت مختلف اضلاع میں ترقیاتی کاموں کا آغاز کیا جائے گا اور شہریوں کو بنیادی سہولیات فراہم کی جائیں گی۔ وزیر اعظم نے اجلاس سے خطاب کرتے ہوئے کہا کہ آزاد کشمیر کے عوام کی خدمت ہماری اولین ترجیح ہے اور اس سلسلے میں کوئی کسر نہیں چھوڑی جائے گی۔ انہوں نے کہا کہ تعلیم صحت اور روزگار کے شعبوں میں اصلاحات کی جا رہی ہیں۔
60
حکومت نے عوامی فلاح و بہبود کے لیے نئے منصوبوں کا اعلان کیا ہے جس کے تحت مختلف اضلاع میں ترقیاتی کاموں کا آغاز کیا جائے گا اور شہریوں کو بنیادی سہولیات فراہم کی جائیں گی۔ وزیر اعظم نے اجلاس سے خطاب کرتے ہوئے کہا کہ آزاد کشمیر کے عوام کی خدمت ہماری اولین ترجیح ہے اور اس سلسلے میں کوئی کسر نہیں چھوڑی جائے گی۔ انہوں نے کہا کہ تعلیم صحت اور روزگار کے شعبوں میں اصلاحات کی جا رہی ہیں۔
61
حکومت نے عوامی فلاح و بہبود کے لیے نئے منصوبوں کا اعلان کیا ہے جس کے تحت مختلف اضلاع میں ترقیاتی کاموں کا آغاز کیا جائے گا اور شہریوں کو بنیادی سہولیات فراہم کی جائیں گی۔ وزیر اعظم نے اجلاس سے خطاب کرتے ہوئے کہا کہ آزاد کشمیر کے عوام کی خدمت ہماری اولین ترجیح ہے اور اس سلسلے میں کوئی کسر نہیں چھوڑی جائے گی۔ انہوں نے کہا کہ تعلیم صحت اور روزگار کے شعبوں میں اصلاحات کی جا رہی ہیں۔
62
حکومت نے عوامی فلاح و بہبود کے لیے نئے منصوبوں کا اعلان کیا ہے جس کے تحت مختلف اضلاع میں ترقیاتی کاموں کا آغاز کیا جائے گا اور شہریوں کو بنیادی سہولیات فراہم کی جائیں گی۔ وزیر اعظم نے اجلاس سے خطاب کرتے ہوئے کہا کہ آزاد کشمیر کے عوام کی خدمت ہماری اولین ترجیح ہے اور اس سلسلے میں کوئی کسر نہیں چھوڑی جائے گی۔ انہوں نے کہا کہ تعلیم صحت اور روزگار کے شعبوں میں اصلاحات کی جا رہی ہیں۔
64
حکومت نے عوامی فلاح و بہبود کے لیے نئے منصوبوں کا اعلان کیا ہے جس کے تحت مختلف اضلاع میں ترقیاتی کاموں کا آغاز کیا جائے گا اور شہریوں کو بنیادی سہولیات فراہم کی جائیں گی۔ وزیر اعظم نے اجلاس سے خطاب کرتے ہوئے کہا کہ آزاد کشمیر کے عوام کی خدمت ہماری اولین ترجیح ہے اور اس سلسلے میں کوئی کسر نہیں چھوڑی جائے گی۔ انہوں نے کہا کہ تعلیم صحت اور روزگار کے شعبوں میں اصلاحات کی جا رہی ہیں۔
65
حکومت نے عوامی فلاح و بہبود کے لیے نئے منصوبوں کا اعلان کیا ہے جس کے تحت مختلف اضلاع میں ترقیاتی کاموں کا آغاز کیا جائے گا اور شہریوں کو بنیادی سہولیات فراہم کی جائیں گی۔ وزیر اعظم نے اجلاس سے خطاب کرتے ہوئے کہا کہ آزاد کشمیر کے عوام کی خدمت ہماری اولین ترجیح ہے اور اس سلسلے میں کوئی کسر نہیں چھوڑی جائے گی۔ انہوں نے کہا کہ تعلیم صحت اور روزگار کے شعبوں میں اصلاحات کی جا رہی ہیں۔
66
حکومت نے عوامی فلاح و بہبود کے لیے نئے منصوبوں کا اعلان کیا ہے جس کے تحت مختلف اضلاع میں ترقیاتی کاموں کا آغاز کیا جائے گا اور شہریوں کو بنیادی سہولیات فراہم کی جائیں گی۔ وزیر اعظم نے اجلاس سے خطاب کرتے ہوئے کہا کہ آزاد کشمیر کے عوام کی خدمت ہماری اولین ترجیح ہے اور اس سلسلے میں کوئی کسر نہیں چھوڑی جائے گی۔ انہوں نے کہا کہ تعلیم صحت اور روزگار کے شعبوں میں اصلاحات کی جا رہی ہیں۔
67
حکومت نے عوامی فلاح و بہبود کے لیے نئے منصوبوں کا اعلان کیا ہے جس کے تحت مختلف اضلاع میں ترقیاتی کاموں کا آغاز کیا جائے گا اور شہریوں کو بنیادی سہولیات فراہم کی جائیں گی۔ وزیر اعظم نے اجلاس سے خطاب کرتے ہوئے کہا کہ آزاد کشمیر کے عوام کی خدمت ہماری اولین ترجیح ہے اور اس سلسلے میں کوئی کسر نہیں چھوڑی جائے گی۔ انہوں نے کہا کہ تعلیم صحت اور روزگار کے شعبوں میں اصلاحات کی جا رہی ہیں۔
68
حکومت نے عوامی فلاح و بہبود کے لیے نئے منصوبوں کا اعلان کیا ہے جس کے تحت مختلف اضلاع میں ترقیاتی کاموں کا آغاز کیا جائے گا اور شہریوں کو بنیادی سہولیات فراہم کی جائیں گی۔ وزیر اعظم نے اجلاس سے خطاب کرتے ہوئے کہا کہ آزاد کشمیر کے عوام کی خدمت ہماری اولین ترجیح ہے اور اس سلسلے میں کوئی کسر نہیں چھوڑی جائے گی۔ انہوں نے کہا کہ تعلیم صحت اور روزگار کے شعبوں میں اصلاحات کی جا رہی ہیں۔
69
حکومت نے عوامی فلاح و بہبود کے لیے نئے منصوبوں کا اعلان کیا ہے جس کے تحت مختلف اضلاع میں ترقیاتی کاموں کا آغاز کیا جائے گا اور شہریوں کو بنیادی سہولیات فراہم کی جائیں گی۔ وزیر اعظم نے اجلاس سے خطاب کرتے ہوئے کہا کہ آزاد کشمیر کے عوام کی خدمت ہماری اولین ترجیح ہے اور اس سلسلے میں کوئی کسر نہیں چھوڑی جائے گی۔ انہوں نے کہا کہ تعلیم صحت اور روزگار کے شعبوں میں اصلاحات کی جا رہی ہیں۔
70
حکومت نے عوامی فلاح و بہبود کے لیے نئے منصوبوں کا اعلان کیا ہے جس کے تحت مختلف اضلاع میں ترقیاتی کاموں کا آغاز کیا جائے گا اور شہریوں کو بنیادی سہولیات فراہم کی جائیں گی۔ وزیر اعظم نے اجلاس سے خطاب کرتے ہوئے کہا کہ آزاد کشمیر کے عوام کی خدمت ہماری اولین ترجیح ہے اور اس سلسلے میں کوئی کسر نہیں چھوڑی جائے گی۔ انہوں نے کہا کہ تعلیم صحت اور روزگار کے شعبوں میں اصلاحات کی جا رہی ہیں۔
71
حکومت نے عوامی فلاح و بہبود کے لیے نئے منصوبوں کا اعلان کیا ہے جس کے تحت مختلف اضلاع میں ترقیاتی کاموں کا آغاز کیا جائے گا اور شہریوں کو بنیادی سہولیات فراہم کی جائیں گی۔ وزیر اعظم نے اجلاس سے خطاب کرتے ہوئے کہا کہ آزاد کشمیر کے عوام کی خدمت ہماری اولین ترجیح ہے اور اس سلسلے میں کوئی کسر نہیں چھوڑی جائے گی۔ انہوں نے کہا کہ تعلیم صحت اور روزگار کے شعبوں میں اصلاحات کی جا رہی ہیں۔
72
حکومت نے عوامی فلاح و بہبود کے لیے نئے منصوبوں کا اعلان کیا ہے جس کے تحت مختلف اضلاع میں ترقیاتی کاموں کا آغاز کیا جائے گا اور شہریوں کو بنیادی سہولیات فراہم کی جائیں گی۔ وزیر اعظم نے اجلاس سے خطاب کرتے ہوئے کہا کہ آزاد کشمیر کے عوام کی خدمت ہماری اولین ترجیح ہے اور اس سلسلے میں کوئی کسر نہیں چھوڑی جائے گی۔ انہوں نے کہا کہ تعلیم صحت اور روزگار کے شعبوں میں اصلاحات کی جا رہی ہیں۔
73
حکومت نے عوامی فلاح و بہبود کے لیے نئے منصوبوں کا اعلان کیا ہے جس کے تحت مختلف اضلاع میں ترقیاتی کاموں کا آغاز کیا جائے گا اور شہریوں کو بنیادی سہولیات فراہم کی جائیں گی۔ وزیر اعظم نے اجلاس سے خطاب کرتے ہوئے کہا کہ آزاد کشمیر کے عوام کی خدمت ہماری اولین ترجیح ہے اور اس سلسلے میں کوئی کسر نہیں چھوڑی جائے گی۔ انہوں نے کہا کہ تعلیم صحت اور روزگار کے شعبوں میں اصلاحات کی جا رہی ہیں۔
74
حکومت نے عوامی فلاح و بہبود کے لیے نئے منصوبوں کا اعلان کیا ہے جس کے تحت مختلف اضلاع میں ترقیاتی کاموں کا آغاز کیا جائے گا اور شہریوں کو بنیادی سہولیات فراہم کی جائیں گی۔ وزیر اعظم نے اجلاس سے خطاب کرتے ہوئے کہا کہ آزاد کشمیر کے عوام کی خدمت ہماری اولین ترجیح ہے اور اس سلسلے میں کوئی کسر نہیں چھوڑی جائے گی۔ انہوں نے کہا کہ تعلیم صحت اور روزگار کے شعبوں میں اصلاحات کی جا رہی ہیں۔
75
حکومت نے عوامی فلاح و بہبود کے لیے نئے منصوبوں کا اعلان کیا ہے جس کے تحت مختلف اضلاع میں ترقیاتی کاموں کا آغاز کیا جائے گا اور شہریوں کو بنیادی سہولیات فراہم کی جائیں گی۔ وزیر اعظم نے اجلاس سے خطاب کرتے ہوئے کہا کہ آزاد کشمیر کے عوام کی خدمت ہماری اولین ترجیح ہے اور اس سلسلے میں کوئی کسر نہیں چھوڑی جائے گی۔ انہوں نے کہا کہ تعلیم صحت اور روزگار کے شعبوں میں اصلاحات کی جا رہی ہیں۔
روزنامہ سیاست	روزنامہ سیاست	روزنامہ سیاست	روزنامہ سیاست	روزنامہ سیاست	روزنامہ سیاست	روزنامہ سیاست	روزنامہ سیاست
